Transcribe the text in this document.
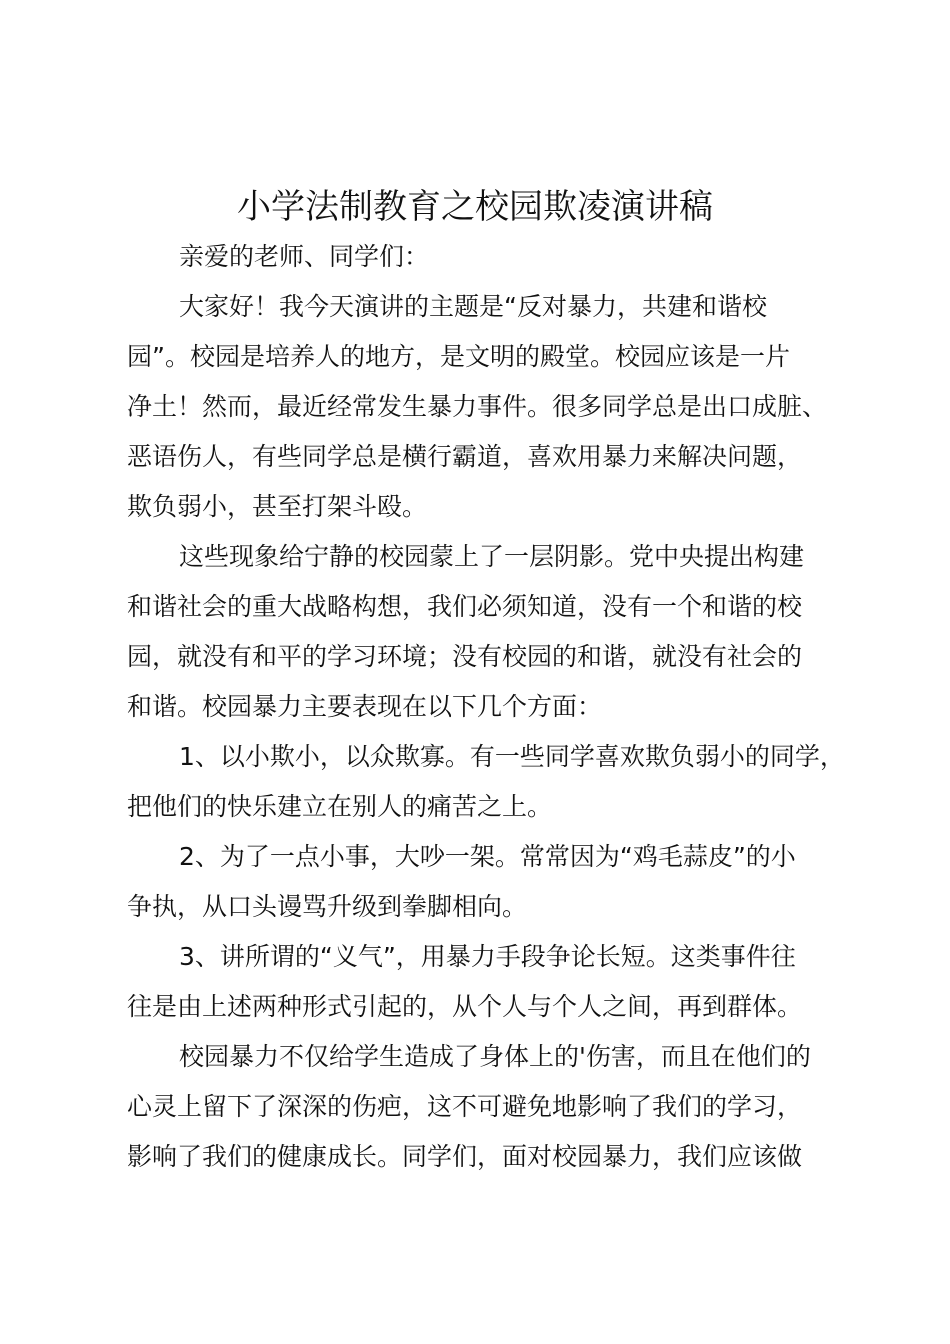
小学法制教育之校园欺凌演讲稿
亲爱的老师、同学们：
大家好！我今天演讲的主题是“反对暴力，共建和谐校
园”。校园是培养人的地方，是文明的殿堂。校园应该是一片
净土！然而，最近经常发生暴力事件。很多同学总是出口成脏、
恶语伤人，有些同学总是横行霸道，喜欢用暴力来解决问题，
欺负弱小，甚至打架斗殴。
这些现象给宁静的校园蒙上了一层阴影。党中央提出构建
和谐社会的重大战略构想，我们必须知道，没有一个和谐的校
园，就没有和平的学习环境；没有校园的和谐，就没有社会的
和谐。校园暴力主要表现在以下几个方面：
1、以小欺小，以众欺寡。有一些同学喜欢欺负弱小的同学，
把他们的快乐建立在别人的痛苦之上。
2、为了一点小事，大吵一架。常常因为“鸡毛蒜皮”的小
争执，从口头谩骂升级到拳脚相向。
3、讲所谓的“义气”，用暴力手段争论长短。这类事件往
往是由上述两种形式引起的，从个人与个人之间，再到群体。
校园暴力不仅给学生造成了身体上的'伤害，而且在他们的
心灵上留下了深深的伤疤，这不可避免地影响了我们的学习，
影响了我们的健康成长。同学们，面对校园暴力，我们应该做
